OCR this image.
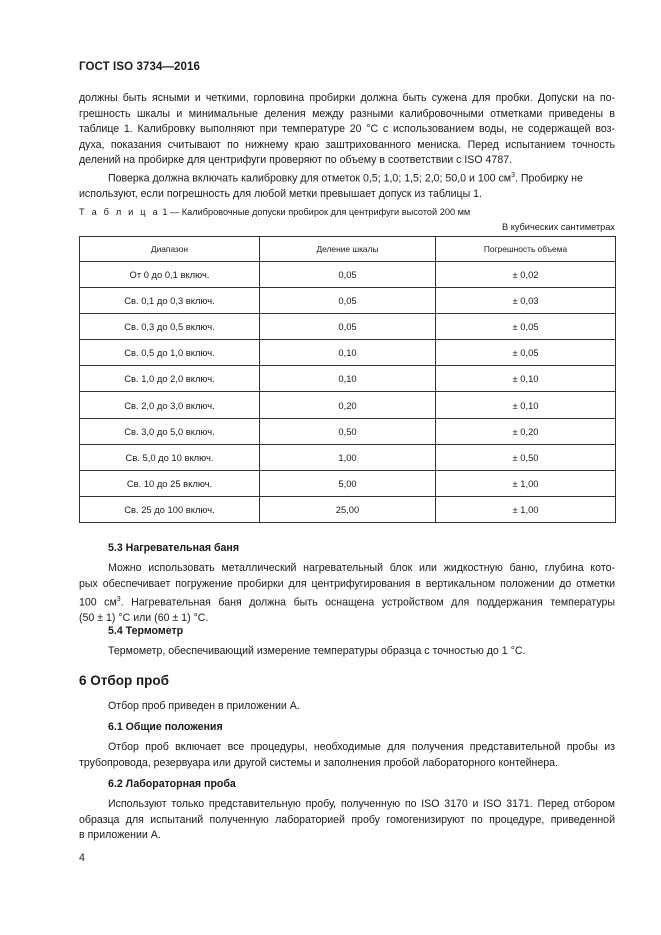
ГОСТ ISO 3734—2016
должны быть ясными и четкими, горловина пробирки должна быть сужена для пробки. Допуски на по-
грешность шкалы и минимальные деления между разными калибровочными отметками приведены в
таблице 1. Калибровку выполняют при температуре 20 °C с использованием воды, не содержащей воз-
духа, показания считывают по нижнему краю заштрихованного мениска. Перед испытанием точность
делений на пробирке для центрифуги проверяют по объему в соответствии с ISO 4787.
Поверка должна включать калибровку для отметок 0,5; 1,0; 1,5; 2,0; 50,0 и 100 $см^3$. Пробирку не
используют, если погрешность для любой метки превышает допуск из таблицы 1.
Т а б л и ц а 1 — Калибровочные допуски пробирок для центрифуги высотой 200 мм
В кубических сантиметрах
Диапазон	Деление шкалы	Погрешность объема
От 0 до 0,1 включ.	0,05	± 0,02
Св. 0,1 до 0,3 включ.	0,05	± 0,03
Св. 0,3 до 0,5 включ.	0,05	± 0,05
Св. 0,5 до 1,0 включ.	0,10	± 0,05
Св. 1,0 до 2,0 включ.	0,10	± 0,10
Св. 2,0 до 3,0 включ.	0,20	± 0,10
Св. 3,0 до 5,0 включ.	0,50	± 0,20
Св. 5,0 до 10 включ.	1,00	± 0,50
Св. 10 до 25 включ.	5,00	± 1,00
Св. 25 до 100 включ.	25,00	± 1,00
5.3 Нагревательная баня
Можно использовать металлический нагревательный блок или жидкостную баню, глубина кото-
рых обеспечивает погружение пробирки для центрифугирования в вертикальном положении до отметки
100 $см^3$. Нагревательная баня должна быть оснащена устройством для поддержания температуры
(50 ± 1) °C или (60 ± 1) °C.
5.4 Термометр
Термометр, обеспечивающий измерение температуры образца с точностью до 1 °C.
6 Отбор проб
Отбор проб приведен в приложении А.
6.1 Общие положения
Отбор проб включает все процедуры, необходимые для получения представительной пробы из
трубопровода, резервуара или другой системы и заполнения пробой лабораторного контейнера.
6.2 Лабораторная проба
Используют только представительную пробу, полученную по ISO 3170 и ISO 3171. Перед отбором
образца для испытаний полученную лабораторией пробу гомогенизируют по процедуре, приведенной
в приложении А.
4
